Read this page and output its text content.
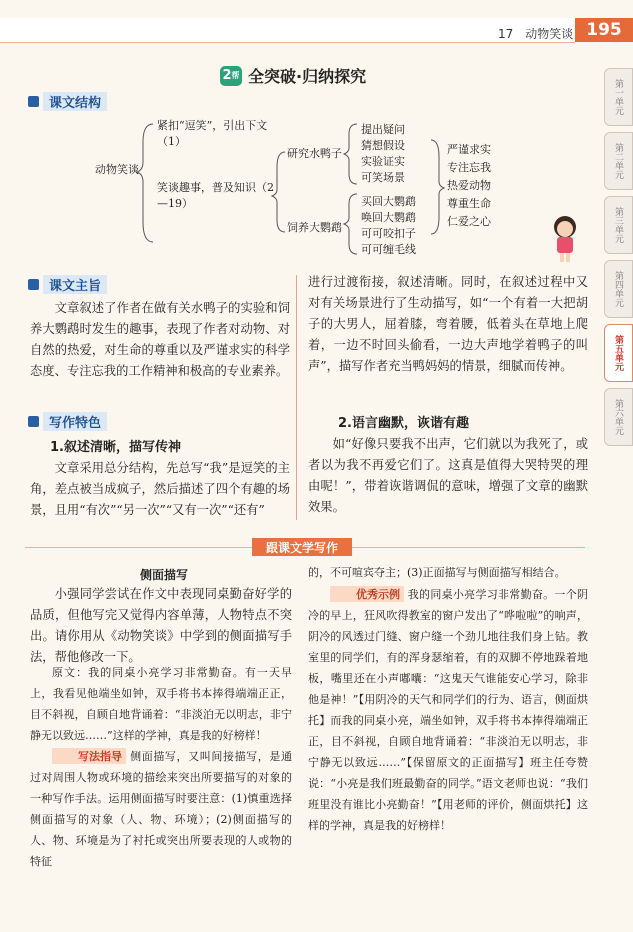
17　动物笑谈 195
第一单元
第二单元
第三单元
第四单元
第五单元
第六单元
2 帮 全突破·归纳探究
课文结构
动物笑谈
紧扣“逗笑”，引出下文（1）
笑谈趣事，普及知识（2—19）
研究水鸭子
饲养大鹦鹉
提出疑问
猜想假设
实验证实
可笑场景
买回大鹦鹉
唤回大鹦鹉
可可咬扣子
可可缠毛线
严谨求实
专注忘我
热爱动物
尊重生命
仁爱之心
课文主旨
文章叙述了作者在做有关水鸭子的实验和饲养大鹦鹉时发生的趣事，表现了作者对动物、对自然的热爱，对生命的尊重以及严谨求实的科学态度、专注忘我的工作精神和极高的专业素养。
写作特色
1.叙述清晰，描写传神
文章采用总分结构，先总写“我”是逗笑的主角，差点被当成疯子，然后描述了四个有趣的场景，且用“有次”“另一次”“又有一次”“还有”
进行过渡衔接，叙述清晰。同时，在叙述过程中又对有关场景进行了生动描写，如“一个有着一大把胡子的大男人，屈着膝，弯着腰，低着头在草地上爬着，一边不时回头偷看，一边大声地学着鸭子的叫声”，描写作者充当鸭妈妈的情景，细腻而传神。
2.语言幽默，诙谐有趣
如“好像只要我不出声，它们就以为我死了，或者以为我不再爱它们了。这真是值得大哭特哭的理由呢！”，带着诙谐调侃的意味，增强了文章的幽默效果。
跟课文学写作
侧面描写
小强同学尝试在作文中表现同桌勤奋好学的品质，但他写完又觉得内容单薄，人物特点不突出。请你用从《动物笑谈》中学到的侧面描写手法，帮他修改一下。
原文：我的同桌小亮学习非常勤奋。有一天早上，我看见他端坐如钟，双手将书本捧得端端正正，目不斜视，自顾自地背诵着：“非淡泊无以明志，非宁静无以致远……”这样的学神，真是我的好榜样！
写法指导 侧面描写，又叫间接描写，是通过对周围人物或环境的描绘来突出所要描写的对象的一种写作手法。运用侧面描写时要注意：(1)慎重选择侧面描写的对象（人、物、环境）；(2)侧面描写的人、物、环境是为了衬托或突出所要表现的人或物的特征
的，不可喧宾夺主；(3)正面描写与侧面描写相结合。
优秀示例 我的同桌小亮学习非常勤奋。一个阴冷的早上，狂风吹得教室的窗户发出了“哗啦啦”的响声，阴冷的风透过门缝、窗户缝一个劲儿地往我们身上钻。教室里的同学们，有的浑身瑟缩着，有的双脚不停地跺着地板，嘴里还在小声嘟囔：“这鬼天气谁能安心学习，除非他是神！”【用阴冷的天气和同学们的行为、语言，侧面烘托】而我的同桌小亮，端坐如钟，双手将书本捧得端端正正，目不斜视，自顾自地背诵着：“非淡泊无以明志，非宁静无以致远……”【保留原文的正面描写】班主任夸赞说：“小亮是我们班最勤奋的同学。”语文老师也说：“我们班里没有谁比小亮勤奋！”【用老师的评价，侧面烘托】这样的学神，真是我的好榜样！
